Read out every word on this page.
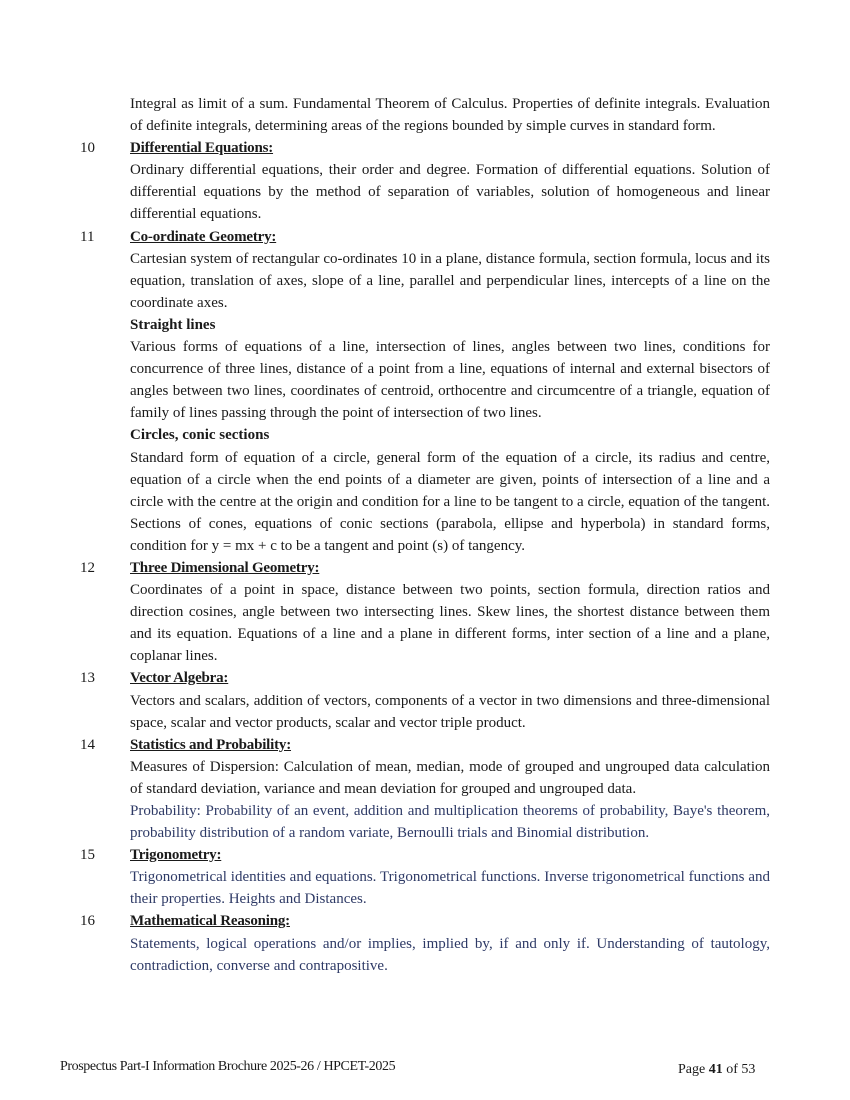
Integral as limit of a sum. Fundamental Theorem of Calculus. Properties of definite integrals. Evaluation of definite integrals, determining areas of the regions bounded by simple curves in standard form.

10	Differential Equations:

Ordinary differential equations, their order and degree. Formation of differential equations. Solution of differential equations by the method of separation of variables, solution of homogeneous and linear differential equations.

11	Co-ordinate Geometry:

Cartesian system of rectangular co-ordinates 10 in a plane, distance formula, section formula, locus and its equation, translation of axes, slope of a line, parallel and perpendicular lines, intercepts of a line on the coordinate axes.

Straight lines

Various forms of equations of a line, intersection of lines, angles between two lines, conditions for concurrence of three lines, distance of a point from a line, equations of internal and external bisectors of angles between two lines, coordinates of centroid, orthocentre and circumcentre of a triangle, equation of family of lines passing through the point of intersection of two lines.

Circles, conic sections

Standard form of equation of a circle, general form of the equation of a circle, its radius and centre, equation of a circle when the end points of a diameter are given, points of intersection of a line and a circle with the centre at the origin and condition for a line to be tangent to a circle, equation of the tangent. Sections of cones, equations of conic sections (parabola, ellipse and hyperbola) in standard forms, condition for y = mx + c to be a tangent and point (s) of tangency.

12	Three Dimensional Geometry:

Coordinates of a point in space, distance between two points, section formula, direction ratios and direction cosines, angle between two intersecting lines. Skew lines, the shortest distance between them and its equation. Equations of a line and a plane in different forms, inter section of a line and a plane, coplanar lines.

13	Vector Algebra:

Vectors and scalars, addition of vectors, components of a vector in two dimensions and three-dimensional space, scalar and vector products, scalar and vector triple product.

14	Statistics and Probability:

Measures of Dispersion: Calculation of mean, median, mode of grouped and ungrouped data calculation of standard deviation, variance and mean deviation for grouped and ungrouped data.

Probability: Probability of an event, addition and multiplication theorems of probability, Baye's theorem, probability distribution of a random variate, Bernoulli trials and Binomial distribution.

15	Trigonometry:

Trigonometrical identities and equations. Trigonometrical functions. Inverse trigonometrical functions and their properties. Heights and Distances.

16	Mathematical Reasoning:

Statements, logical operations and/or implies, implied by, if and only if. Understanding of tautology, contradiction, converse and contrapositive.

Prospectus Part-I Information Brochure 2025-26 / HPCET-2025	Page 41 of 53
